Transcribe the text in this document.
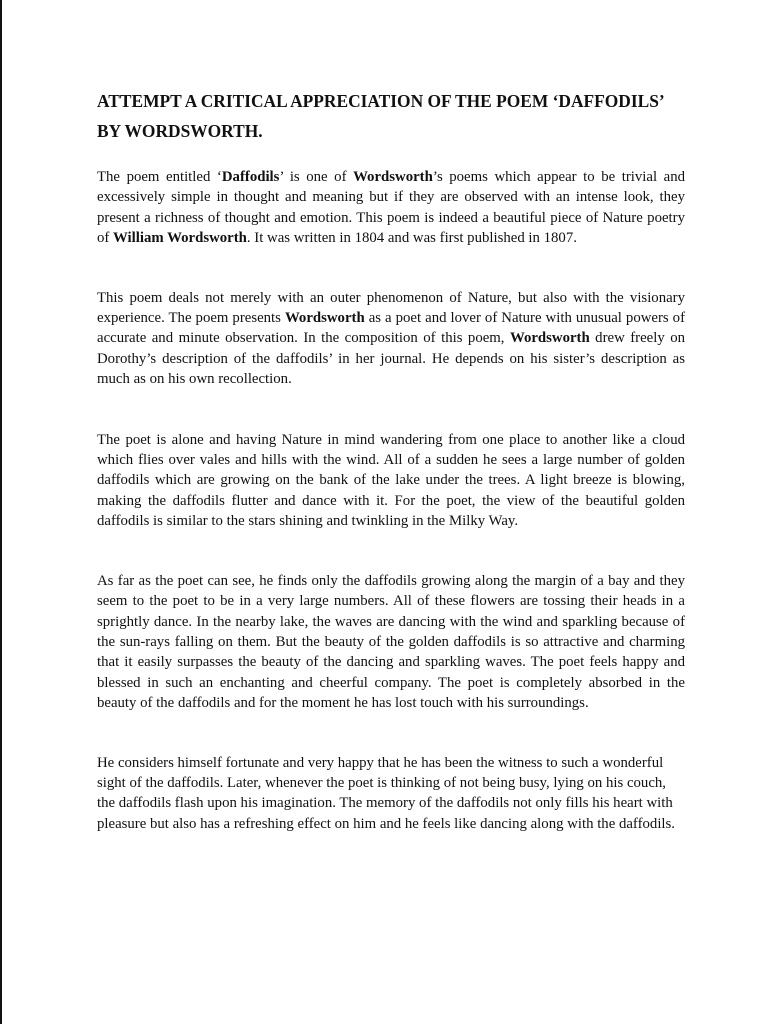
ATTEMPT A CRITICAL APPRECIATION OF THE POEM ‘DAFFODILS’ BY WORDSWORTH.

The poem entitled ‘Daffodils’ is one of Wordsworth’s poems which appear to be trivial and excessively simple in thought and meaning but if they are observed with an intense look, they present a richness of thought and emotion. This poem is indeed a beautiful piece of Nature poetry of William Wordsworth. It was written in 1804 and was first published in 1807.

This poem deals not merely with an outer phenomenon of Nature, but also with the visionary experience. The poem presents Wordsworth as a poet and lover of Nature with unusual powers of accurate and minute observation. In the composition of this poem, Wordsworth drew freely on Dorothy’s description of the daffodils’ in her journal. He depends on his sister’s description as much as on his own recollection.

The poet is alone and having Nature in mind wandering from one place to another like a cloud which flies over vales and hills with the wind. All of a sudden he sees a large number of golden daffodils which are growing on the bank of the lake under the trees. A light breeze is blowing, making the daffodils flutter and dance with it. For the poet, the view of the beautiful golden daffodils is similar to the stars shining and twinkling in the Milky Way.

As far as the poet can see, he finds only the daffodils growing along the margin of a bay and they seem to the poet to be in a very large numbers. All of these flowers are tossing their heads in a sprightly dance. In the nearby lake, the waves are dancing with the wind and sparkling because of the sun-rays falling on them. But the beauty of the golden daffodils is so attractive and charming that it easily surpasses the beauty of the dancing and sparkling waves. The poet feels happy and blessed in such an enchanting and cheerful company. The poet is completely absorbed in the beauty of the daffodils and for the moment he has lost touch with his surroundings.

He considers himself fortunate and very happy that he has been the witness to such a wonderful sight of the daffodils. Later, whenever the poet is thinking of not being busy, lying on his couch, the daffodils flash upon his imagination. The memory of the daffodils not only fills his heart with pleasure but also has a refreshing effect on him and he feels like dancing along with the daffodils.
